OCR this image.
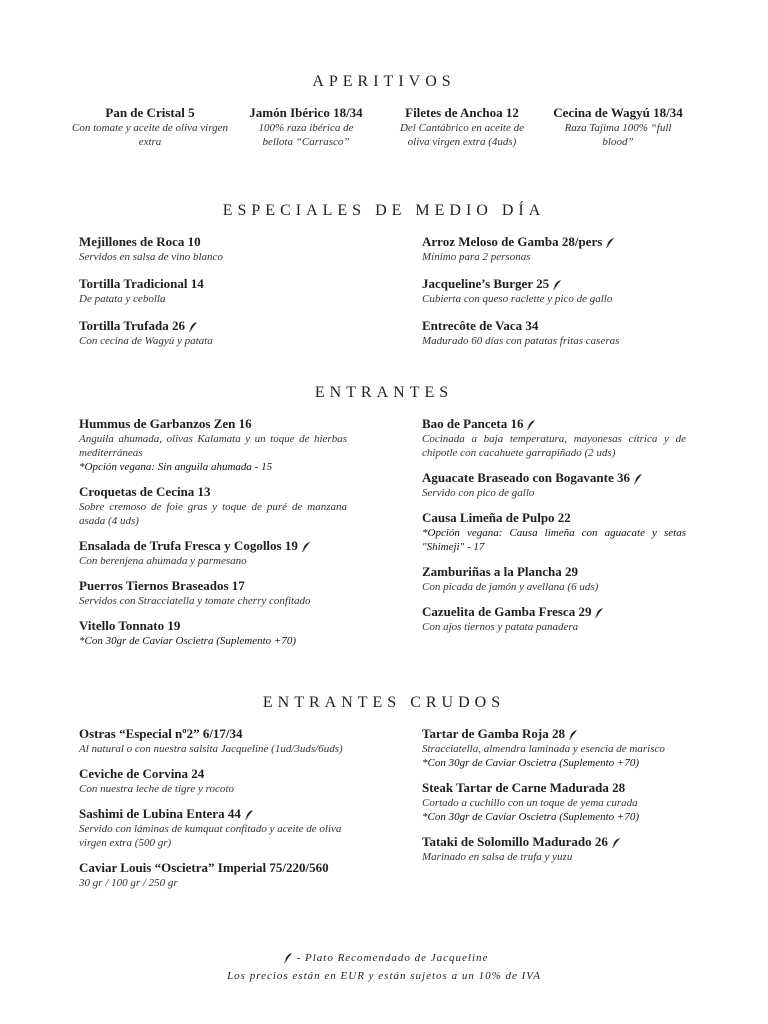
APERITIVOS
Pan de Cristal 5
Con tomate y aceite de oliva virgen extra
Jamón Ibérico 18/34
100% raza ibérica de bellota “Carrasco”
Filetes de Anchoa 12
Del Cantábrico en aceite de oliva virgen extra (4uds)
Cecina de Wagyú 18/34
Raza Tajima 100% “full blood”
ESPECIALES DE MEDIO DÍA
Mejillones de Roca 10
Servidos en salsa de vino blanco
Tortilla Tradicional 14
De patata y cebolla
Tortilla Trufada 26
Con cecina de Wagyú y patata
Arroz Meloso de Gamba 28/pers
Mínimo para 2 personas
Jacqueline’s Burger 25
Cubierta con queso raclette y pico de gallo
Entrecôte de Vaca 34
Madurado 60 días con patatas fritas caseras
ENTRANTES
Hummus de Garbanzos Zen 16
Anguila ahumada, olivas Kalamata y un toque de hierbas mediterráneas
*Opción vegana: Sin anguila ahumada - 15
Croquetas de Cecina 13
Sobre cremoso de foie gras y toque de puré de manzana asada (4 uds)
Ensalada de Trufa Fresca y Cogollos 19
Con berenjena ahumada y parmesano
Puerros Tiernos Braseados 17
Servidos con Stracciatella y tomate cherry confitado
Vitello Tonnato 19
*Con 30gr de Caviar Oscietra (Suplemento +70)
Bao de Panceta 16
Cocinada a baja temperatura, mayonesas cítrica y de chipotle con cacahuete garrapiñado (2 uds)
Aguacate Braseado con Bogavante 36
Servido con pico de gallo
Causa Limeña de Pulpo 22
*Opción vegana: Causa limeña con aguacate y setas "Shimeji" - 17
Zamburiñas a la Plancha 29
Con picada de jamón y avellana (6 uds)
Cazuelita de Gamba Fresca 29
Con ajos tiernos y patata panadera
ENTRANTES CRUDOS
Ostras “Especial nº2” 6/17/34
Al natural o con nuestra salsita Jacqueline (1ud/3uds/6uds)
Ceviche de Corvina 24
Con nuestra leche de tigre y rocoto
Sashimi de Lubina Entera 44
Servido con láminas de kumquat confitado y aceite de oliva virgen extra (500 gr)
Caviar Louis “Oscietra” Imperial 75/220/560
30 gr / 100 gr / 250 gr
Tartar de Gamba Roja 28
Stracciatella, almendra laminada y esencia de marisco
*Con 30gr de Caviar Oscietra (Suplemento +70)
Steak Tartar de Carne Madurada 28
Cortado a cuchillo con un toque de yema curada
*Con 30gr de Caviar Oscietra (Suplemento +70)
Tataki de Solomillo Madurado 26
Marinado en salsa de trufa y yuzu
- Plato Recomendado de Jacqueline
Los precios están en EUR y están sujetos a un 10% de IVA
